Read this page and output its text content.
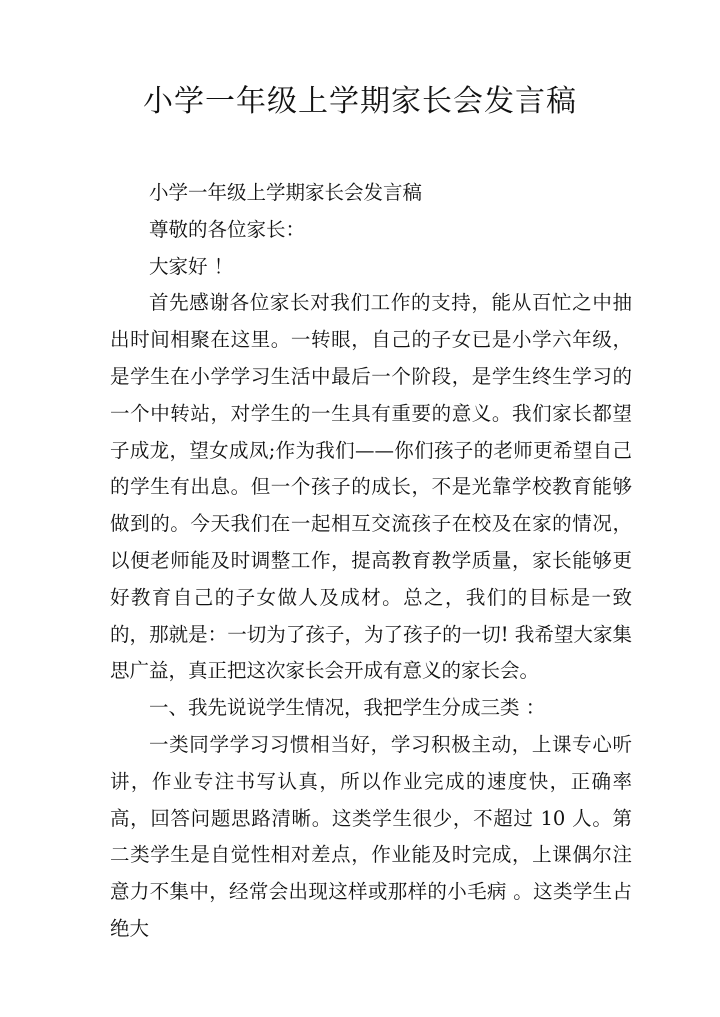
小学一年级上学期家长会发言稿

小学一年级上学期家长会发言稿

尊敬的各位家长：

大家好 ！

首先感谢各位家长对我们工作的支持，能从百忙之中抽出时间相聚在这里。一转眼，自己的子女已是小学六年级，是学生在小学学习生活中最后一个阶段，是学生终生学习的一个中转站，对学生的一生具有重要的意义。我们家长都望子成龙，望女成凤;作为我们——你们孩子的老师更希望自己的学生有出息。但一个孩子的成长，不是光靠学校教育能够做到的。今天我们在一起相互交流孩子在校及在家的情况，以便老师能及时调整工作，提高教育教学质量，家长能够更好教育自己的子女做人及成材。总之，我们的目标是一致的，那就是：一切为了孩子，为了孩子的一切! 我希望大家集思广益，真正把这次家长会开成有意义的家长会。

一、我先说说学生情况，我把学生分成三类 ：

一类同学学习习惯相当好，学习积极主动，上课专心听讲，作业专注书写认真，所以作业完成的速度快，正确率高，回答问题思路清晰。这类学生很少，不超过 10 人。第二类学生是自觉性相对差点，作业能及时完成，上课偶尔注意力不集中，经常会出现这样或那样的小毛病 。这类学生占绝大
